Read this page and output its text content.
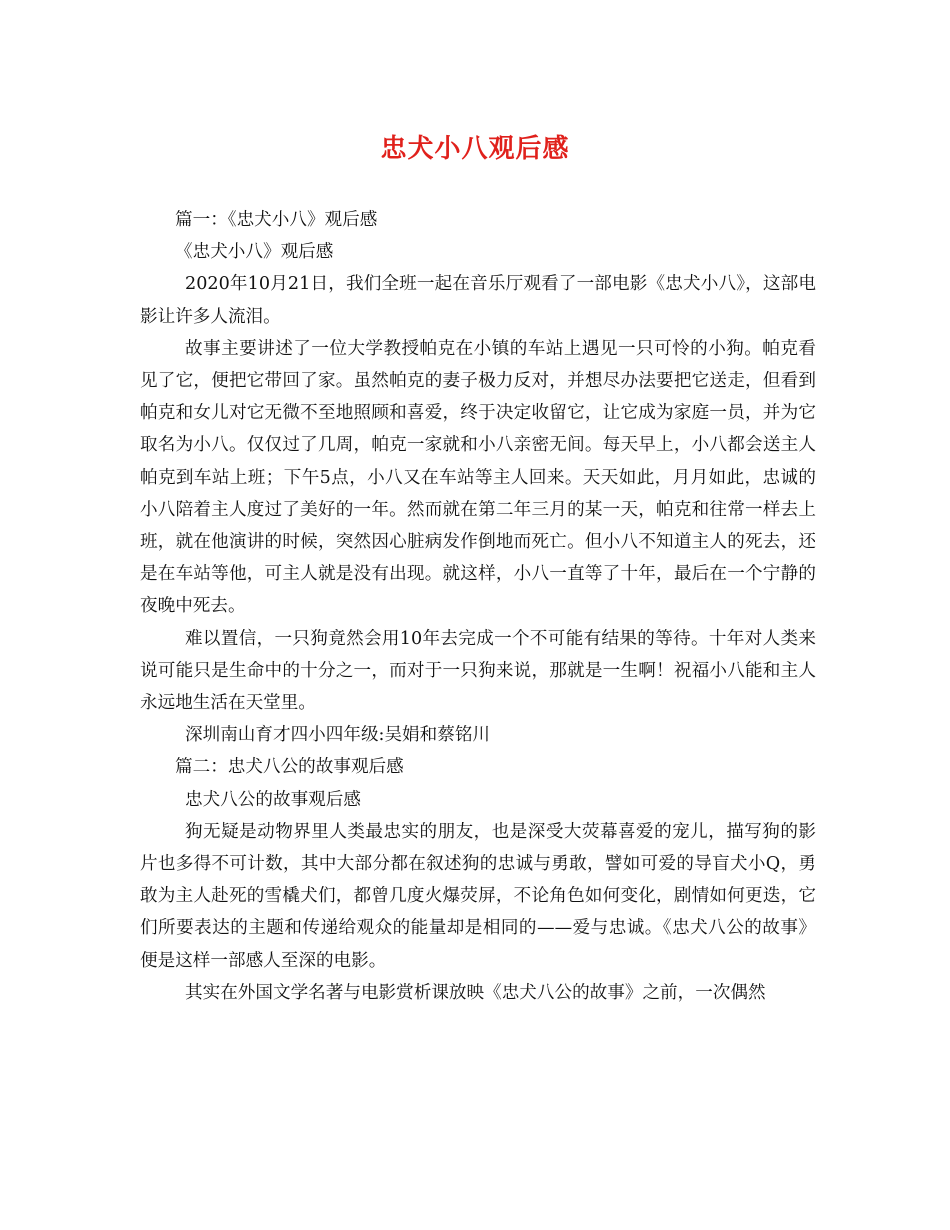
忠犬小八观后感

篇一：《忠犬小八》观后感

《忠犬小八》观后感

2020年10月21日，我们全班一起在音乐厅观看了一部电影《忠犬小八》，这部电影让许多人流泪。

故事主要讲述了一位大学教授帕克在小镇的车站上遇见一只可怜的小狗。帕克看见了它，便把它带回了家。虽然帕克的妻子极力反对，并想尽办法要把它送走，但看到帕克和女儿对它无微不至地照顾和喜爱，终于决定收留它，让它成为家庭一员，并为它取名为小八。仅仅过了几周，帕克一家就和小八亲密无间。每天早上，小八都会送主人帕克到车站上班；下午5点，小八又在车站等主人回来。天天如此，月月如此，忠诚的小八陪着主人度过了美好的一年。然而就在第二年三月的某一天，帕克和往常一样去上班，就在他演讲的时候，突然因心脏病发作倒地而死亡。但小八不知道主人的死去，还是在车站等他，可主人就是没有出现。就这样，小八一直等了十年，最后在一个宁静的夜晚中死去。

难以置信，一只狗竟然会用10年去完成一个不可能有结果的等待。十年对人类来说可能只是生命中的十分之一，而对于一只狗来说，那就是一生啊！祝福小八能和主人永远地生活在天堂里。

深圳南山育才四小四年级:吴娟和蔡铭川

篇二：忠犬八公的故事观后感

忠犬八公的故事观后感

狗无疑是动物界里人类最忠实的朋友，也是深受大荧幕喜爱的宠儿，描写狗的影片也多得不可计数，其中大部分都在叙述狗的忠诚与勇敢，譬如可爱的导盲犬小Q，勇敢为主人赴死的雪橇犬们，都曾几度火爆荧屏，不论角色如何变化，剧情如何更迭，它们所要表达的主题和传递给观众的能量却是相同的——爱与忠诚。《忠犬八公的故事》便是这样一部感人至深的电影。

其实在外国文学名著与电影赏析课放映《忠犬八公的故事》之前，一次偶然
